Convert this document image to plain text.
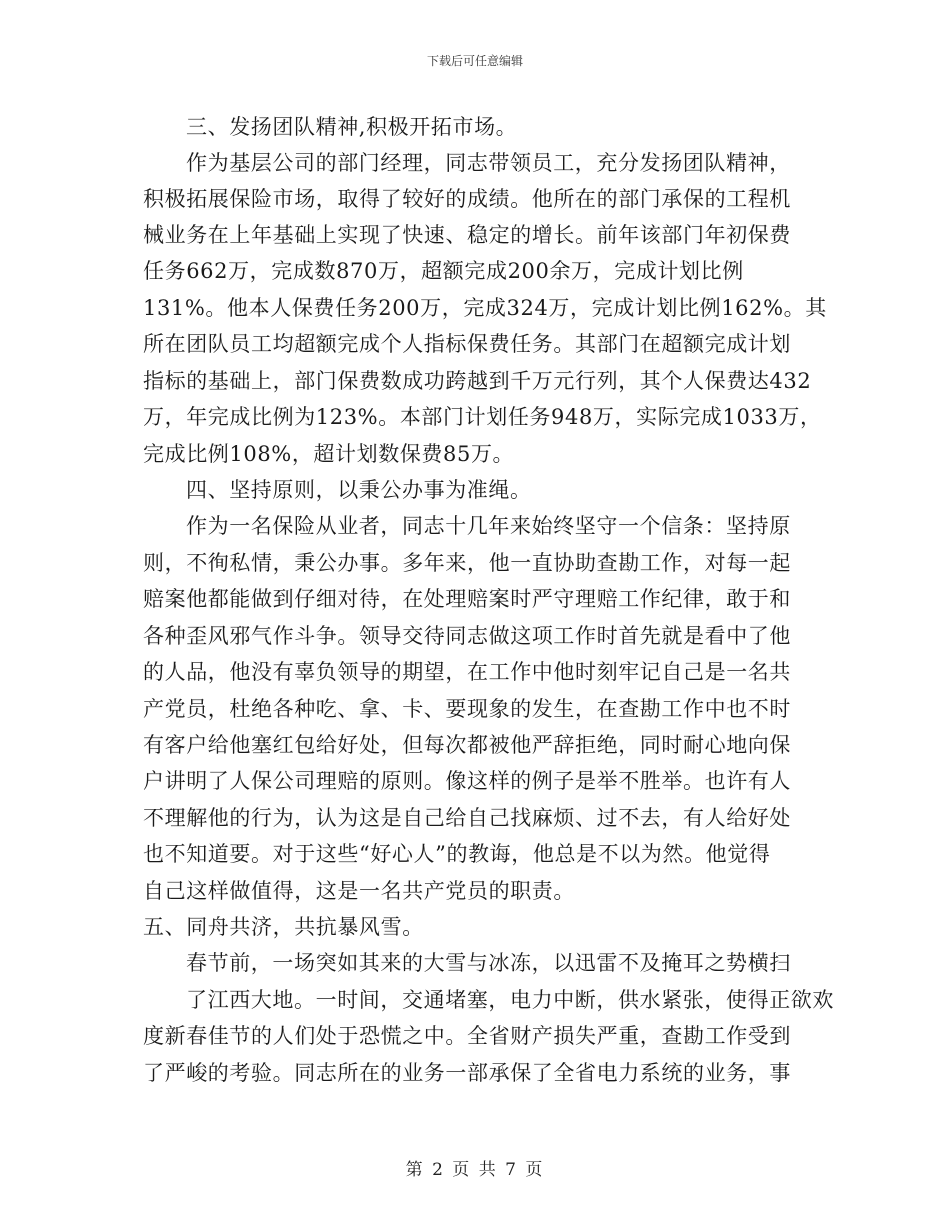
下载后可任意编辑
三、发扬团队精神,积极开拓市场。
作为基层公司的部门经理，同志带领员工，充分发扬团队精神，
积极拓展保险市场，取得了较好的成绩。他所在的部门承保的工程机
械业务在上年基础上实现了快速、稳定的增长。前年该部门年初保费
任务662万，完成数870万，超额完成200余万，完成计划比例
131%。他本人保费任务200万，完成324万，完成计划比例162%。其
所在团队员工均超额完成个人指标保费任务。其部门在超额完成计划
指标的基础上，部门保费数成功跨越到千万元行列，其个人保费达432
万，年完成比例为123%。本部门计划任务948万，实际完成1033万，
完成比例108%，超计划数保费85万。
四、坚持原则，以秉公办事为准绳。
作为一名保险从业者，同志十几年来始终坚守一个信条：坚持原
则，不徇私情，秉公办事。多年来，他一直协助查勘工作，对每一起
赔案他都能做到仔细对待，在处理赔案时严守理赔工作纪律，敢于和
各种歪风邪气作斗争。领导交待同志做这项工作时首先就是看中了他
的人品，他没有辜负领导的期望，在工作中他时刻牢记自己是一名共
产党员，杜绝各种吃、拿、卡、要现象的发生，在查勘工作中也不时
有客户给他塞红包给好处，但每次都被他严辞拒绝，同时耐心地向保
户讲明了人保公司理赔的原则。像这样的例子是举不胜举。也许有人
不理解他的行为，认为这是自己给自己找麻烦、过不去，有人给好处
也不知道要。对于这些“好心人”的教诲，他总是不以为然。他觉得
自己这样做值得，这是一名共产党员的职责。
五、同舟共济，共抗暴风雪。
春节前，一场突如其来的大雪与冰冻，以迅雷不及掩耳之势横扫
了江西大地。一时间，交通堵塞，电力中断，供水紧张，使得正欲欢
度新春佳节的人们处于恐慌之中。全省财产损失严重，查勘工作受到
了严峻的考验。同志所在的业务一部承保了全省电力系统的业务，事
第 2 页 共 7 页
